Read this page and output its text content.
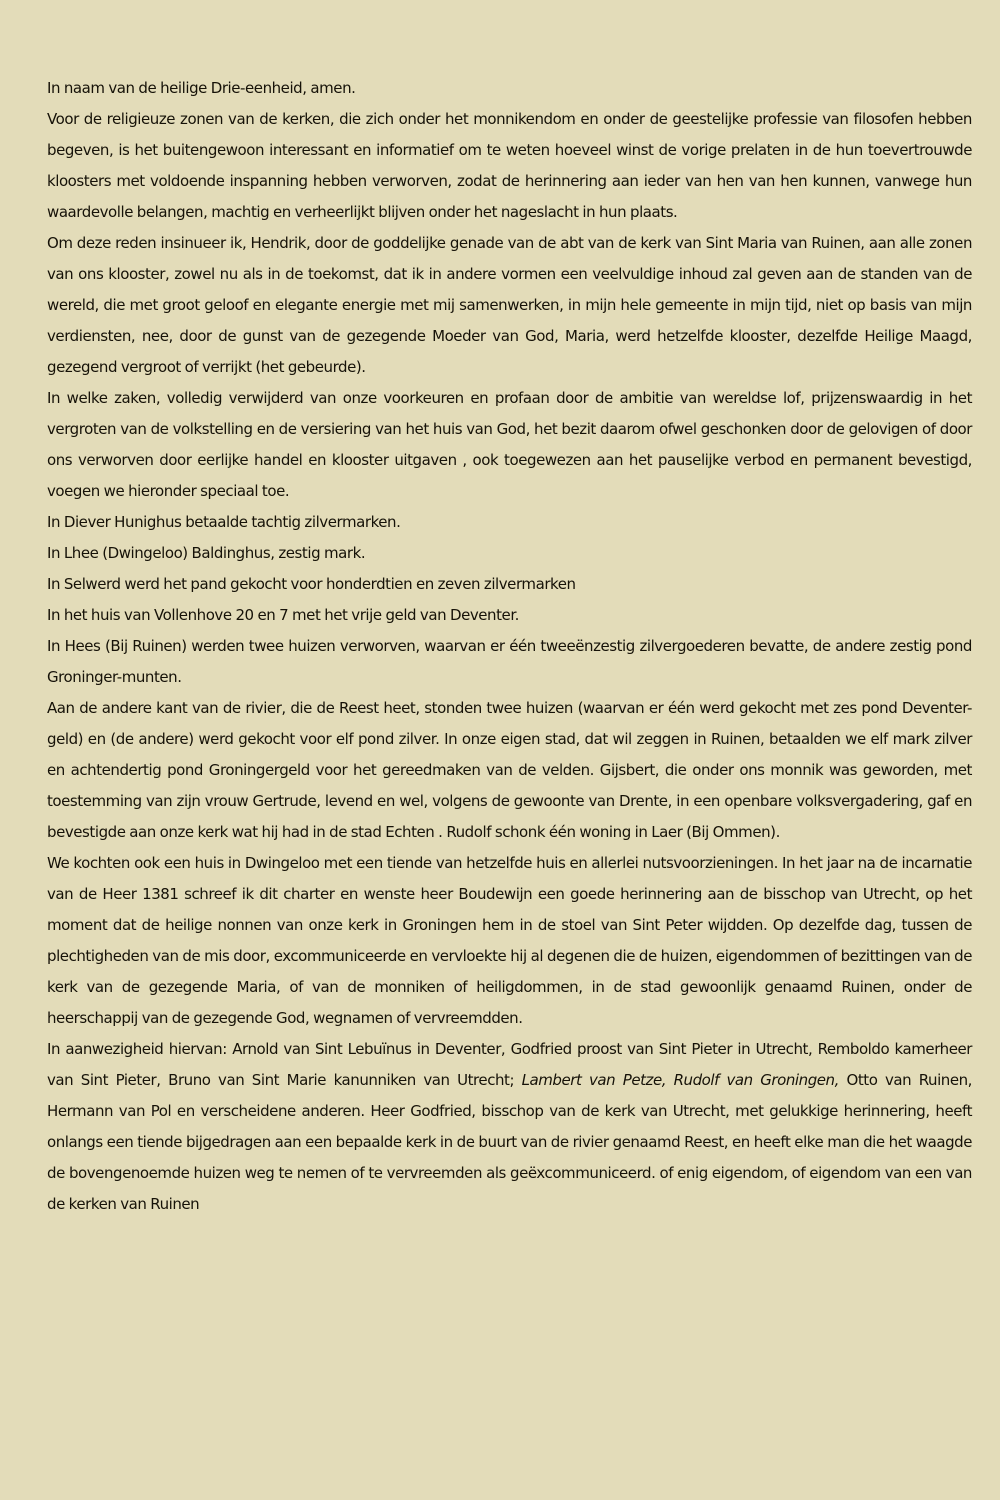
In naam van de heilige Drie-eenheid, amen.

Voor de religieuze zonen van de kerken, die zich onder het monnikendom en onder de geestelijke professie van filosofen hebben begeven, is het buitengewoon interessant en informatief om te weten hoeveel winst de vorige prelaten in de hun toevertrouwde kloosters met voldoende inspanning hebben verworven, zodat de herinnering aan ieder van hen van hen kunnen, vanwege hun waardevolle belangen, machtig en verheerlijkt blijven onder het nageslacht in hun plaats.

Om deze reden insinueer ik, Hendrik, door de goddelijke genade van de abt van de kerk van Sint Maria van Ruinen, aan alle zonen van ons klooster, zowel nu als in de toekomst, dat ik in andere vormen een veelvuldige inhoud zal geven aan de standen van de wereld, die met groot geloof en elegante energie met mij samenwerken, in mijn hele gemeente in mijn tijd, niet op basis van mijn verdiensten, nee, door de gunst van de gezegende Moeder van God, Maria, werd hetzelfde klooster, dezelfde Heilige Maagd, gezegend vergroot of verrijkt (het gebeurde).

In welke zaken, volledig verwijderd van onze voorkeuren en profaan door de ambitie van wereldse lof, prijzenswaardig in het vergroten van de volkstelling en de versiering van het huis van God, het bezit daarom ofwel geschonken door de gelovigen of door ons verworven door eerlijke handel en klooster uitgaven , ook toegewezen aan het pauselijke verbod en permanent bevestigd, voegen we hieronder speciaal toe.

In Diever Hunighus betaalde tachtig zilvermarken.

In Lhee (Dwingeloo) Baldinghus, zestig mark.

In Selwerd werd het pand gekocht voor honderdtien en zeven zilvermarken

In het huis van Vollenhove 20 en 7 met het vrije geld van Deventer.

In Hees (Bij Ruinen) werden twee huizen verworven, waarvan er één tweeënzestig zilvergoederen bevatte, de andere zestig pond Groninger-munten.

Aan de andere kant van de rivier, die de Reest heet, stonden twee huizen (waarvan er één werd gekocht met zes pond Deventer-geld) en (de andere) werd gekocht voor elf pond zilver. In onze eigen stad, dat wil zeggen in Ruinen, betaalden we elf mark zilver en achtendertig pond Groningergeld voor het gereedmaken van de velden. Gijsbert, die onder ons monnik was geworden, met toestemming van zijn vrouw Gertrude, levend en wel, volgens de gewoonte van Drente, in een openbare volksvergadering, gaf en bevestigde aan onze kerk wat hij had in de stad Echten . Rudolf schonk één woning in Laer (Bij Ommen).

We kochten ook een huis in Dwingeloo met een tiende van hetzelfde huis en allerlei nutsvoorzieningen. In het jaar na de incarnatie van de Heer 1381 schreef ik dit charter en wenste heer Boudewijn een goede herinnering aan de bisschop van Utrecht, op het moment dat de heilige nonnen van onze kerk in Groningen hem in de stoel van Sint Peter wijdden. Op dezelfde dag, tussen de plechtigheden van de mis door, excommuniceerde en vervloekte hij al degenen die de huizen, eigendommen of bezittingen van de kerk van de gezegende Maria, of van de monniken of heiligdommen, in de stad gewoonlijk genaamd Ruinen, onder de heerschappij van de gezegende God, wegnamen of vervreemdden.

In aanwezigheid hiervan: Arnold van Sint Lebuïnus in Deventer, Godfried proost van Sint Pieter in Utrecht, Remboldo kamerheer van Sint Pieter, Bruno van Sint Marie kanunniken van Utrecht; Lambert van Petze, Rudolf van Groningen, Otto van Ruinen, Hermann van Pol en verscheidene anderen. Heer Godfried, bisschop van de kerk van Utrecht, met gelukkige herinnering, heeft onlangs een tiende bijgedragen aan een bepaalde kerk in de buurt van de rivier genaamd Reest, en heeft elke man die het waagde de bovengenoemde huizen weg te nemen of te vervreemden als geëxcommuniceerd. of enig eigendom, of eigendom van een van de kerken van Ruinen
